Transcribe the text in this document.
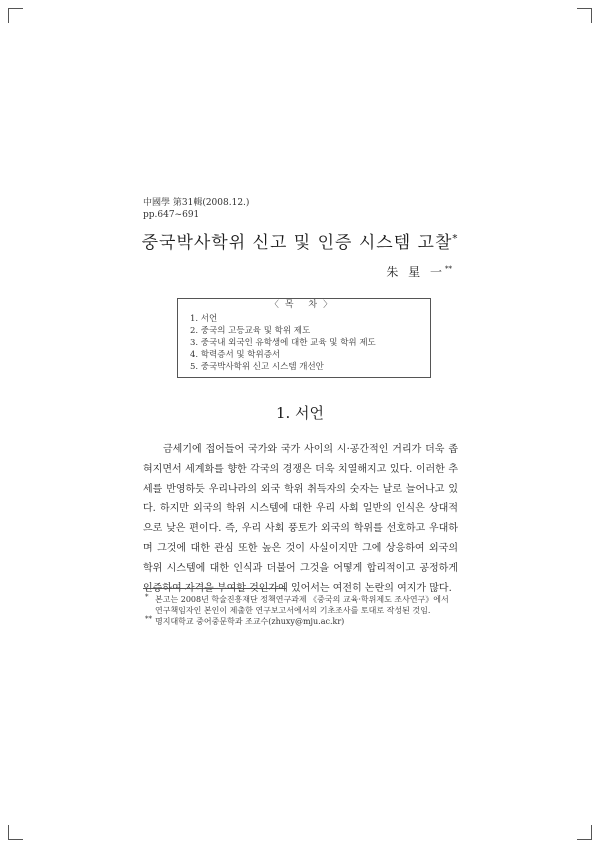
中國學 第31輯(2008.12.)
pp.647~691
중국박사학위 신고 및 인증 시스템 고찰*
朱 星 一**
〈목 차〉
1. 서언
2. 중국의 고등교육 및 학위 제도
3. 중국내 외국인 유학생에 대한 교육 및 학위 제도
4. 학력증서 및 학위증서
5. 중국박사학위 신고 시스템 개선안
1. 서언

금세기에 접어들어 국가와 국가 사이의 시·공간적인 거리가 더욱 좁혀지면서 세계화를 향한 각국의 경쟁은 더욱 치열해지고 있다. 이러한 추세를 반영하듯 우리나라의 외국 학위 취득자의 숫자는 날로 늘어나고 있다. 하지만 외국의 학위 시스템에 대한 우리 사회 일반의 인식은 상대적으로 낮은 편이다. 즉, 우리 사회 풍토가 외국의 학위를 선호하고 우대하며 그것에 대한 관심 또한 높은 것이 사실이지만 그에 상응하여 외국의 학위 시스템에 대한 인식과 더불어 그것을 어떻게 합리적이고 공정하게 인증하여 자격을 부여할 것인가에 있어서는 여전히 논란의 여지가 많다.

* 본고는 2008년 학술진흥재단 정책연구과제 《중국의 교육·학위제도 조사연구》에서 연구책임자인 본인이 제출한 연구보고서에서의 기초조사를 토대로 작성된 것임.
** 명지대학교 중어중문학과 조교수(zhuxy@mju.ac.kr)
